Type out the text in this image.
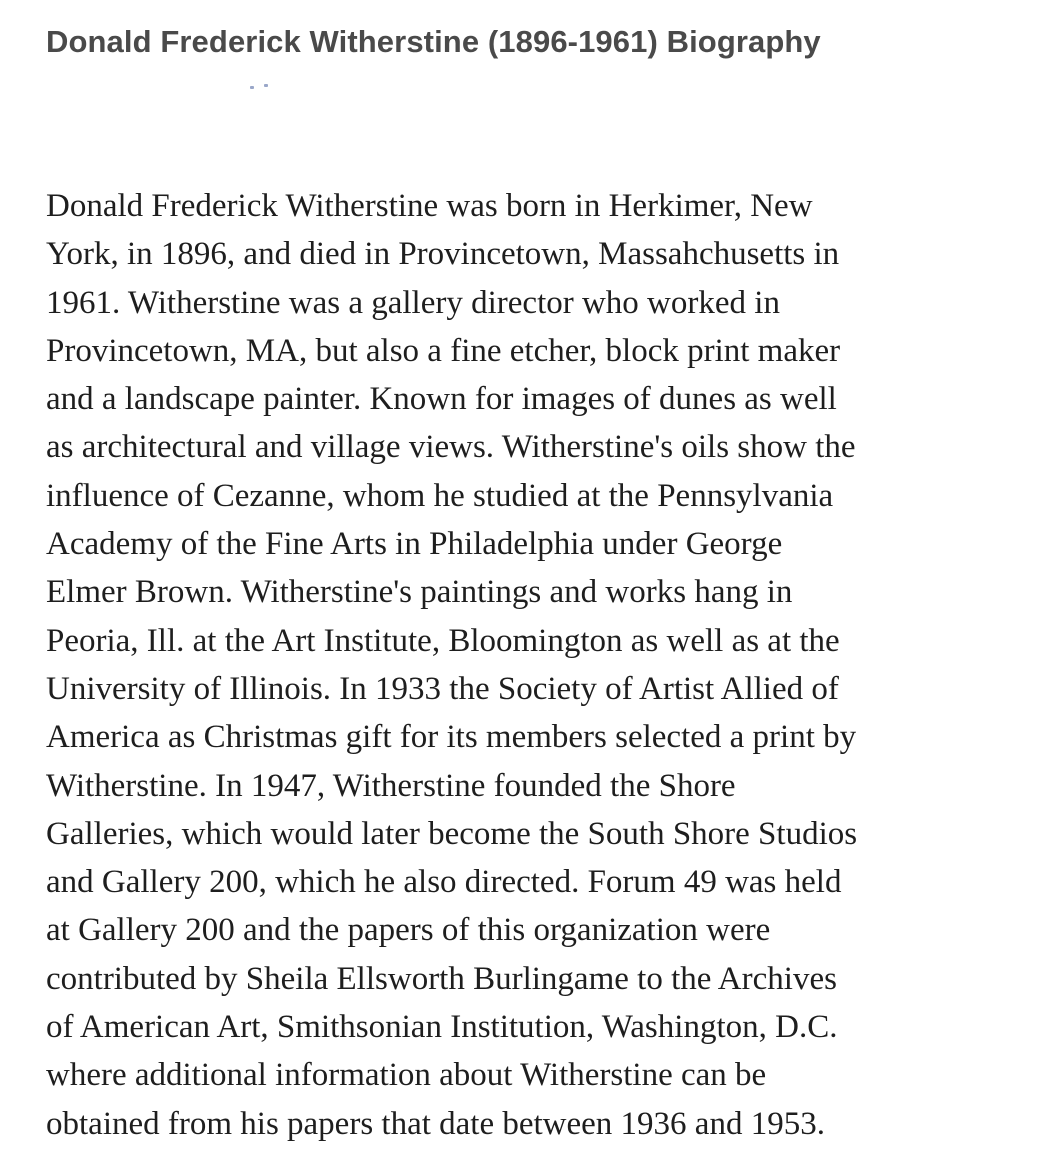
Donald Frederick Witherstine (1896-1961) Biography
Donald Frederick Witherstine was born in Herkimer, New
York, in 1896, and died in Provincetown, Massahchusetts in
1961. Witherstine was a gallery director who worked in
Provincetown, MA, but also a fine etcher, block print maker
and a landscape painter. Known for images of dunes as well
as architectural and village views. Witherstine's oils show the
influence of Cezanne, whom he studied at the Pennsylvania
Academy of the Fine Arts in Philadelphia under George
Elmer Brown. Witherstine's paintings and works hang in
Peoria, Ill. at the Art Institute, Bloomington as well as at the
University of Illinois. In 1933 the Society of Artist Allied of
America as Christmas gift for its members selected a print by
Witherstine. In 1947, Witherstine founded the Shore
Galleries, which would later become the South Shore Studios
and Gallery 200, which he also directed. Forum 49 was held
at Gallery 200 and the papers of this organization were
contributed by Sheila Ellsworth Burlingame to the Archives
of American Art, Smithsonian Institution, Washington, D.C.
where additional information about Witherstine can be
obtained from his papers that date between 1936 and 1953.
